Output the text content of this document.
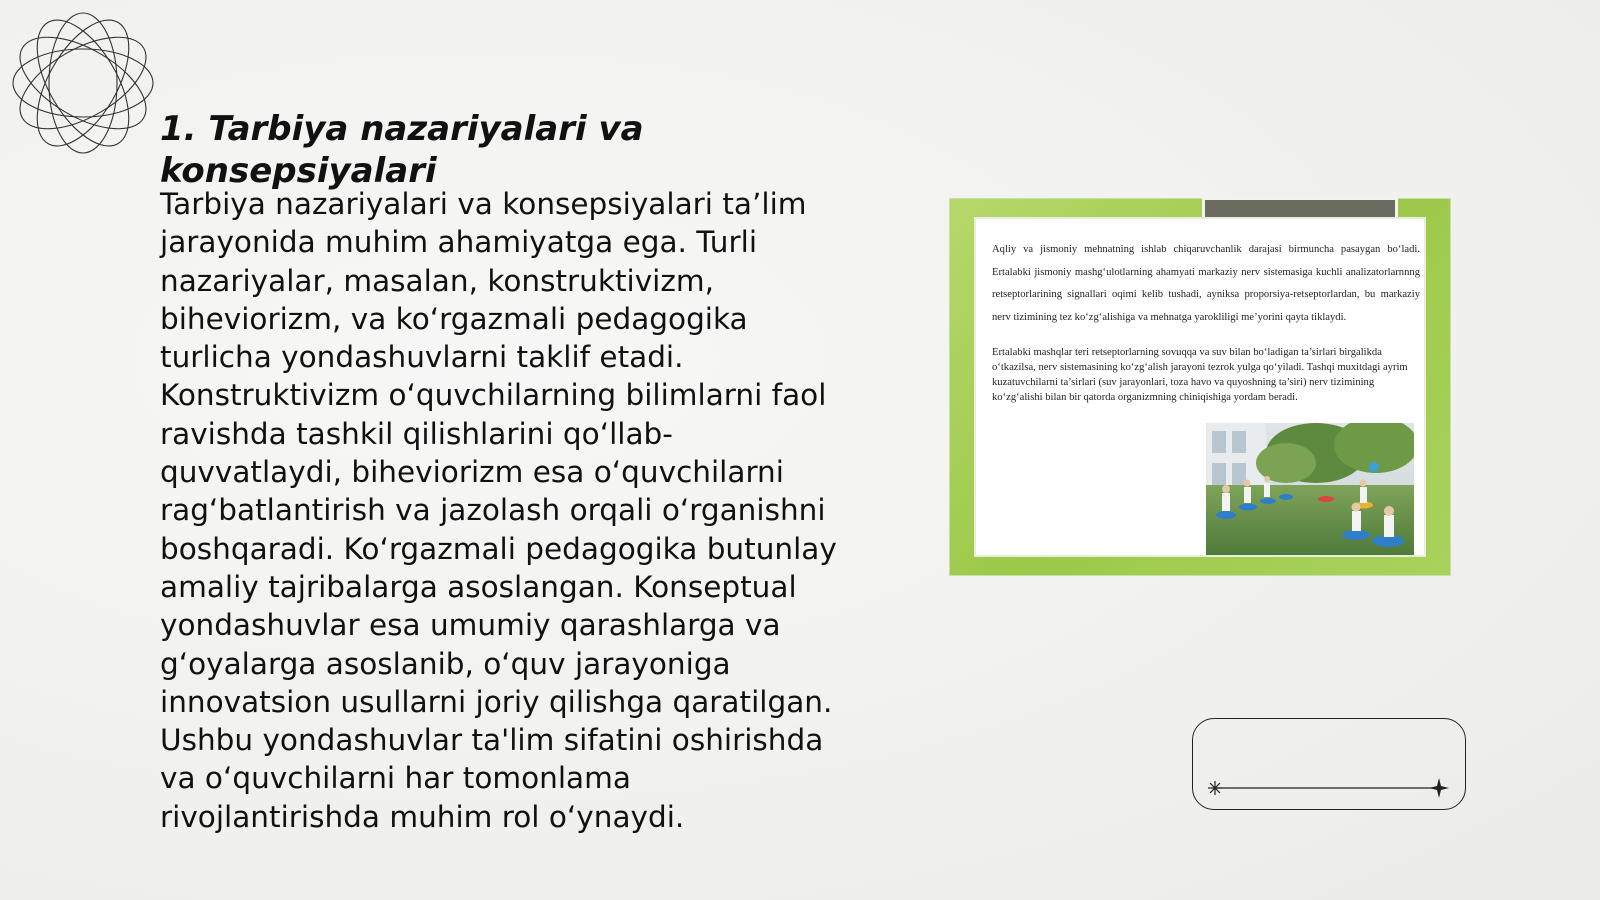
1. Tarbiya nazariyalari va konsepsiyalari

Tarbiya nazariyalari va konsepsiyalari ta’lim jarayonida muhim ahamiyatga ega. Turli nazariyalar, masalan, konstruktivizm, biheviorizm, va ko‘rgazmali pedagogika turlicha yondashuvlarni taklif etadi. Konstruktivizm o‘quvchilarning bilimlarni faol ravishda tashkil qilishlarini qo‘llab-quvvatlaydi, biheviorizm esa o‘quvchilarni rag‘batlantirish va jazolash orqali o‘rganishni boshqaradi. Ko‘rgazmali pedagogika butunlay amaliy tajribalarga asoslangan. Konseptual yondashuvlar esa umumiy qarashlarga va g‘oyalarga asoslanib, o‘quv jarayoniga innovatsion usullarni joriy qilishga qaratilgan. Ushbu yondashuvlar ta'lim sifatini oshirishda va o‘quvchilarni har tomonlama rivojlantirishda muhim rol o‘ynaydi.

Aqliy va jismoniy mehnatning ishlab chiqaruvchanlik darajasi birmuncha pasaygan bo‘ladi. Ertalabki jismoniy mashg‘ulotlarning ahamyati markaziy nerv sistemasiga kuchli analizatorlarnnng retseptorlarining signallari oqimi kelib tushadi, ayniksa proporsiya-retseptorlardan, bu markaziy nerv tizimining tez ko‘zg‘alishiga va mehnatga yarokliligi me’yorini qayta tiklaydi.

Ertalabki mashqlar teri retseptorlarning sovuqqa va suv bilan bo‘ladigan ta’sirlari birgalikda o‘tkazilsa, nerv sistemasining ko‘zg‘alish jarayoni tezrok yulga qo‘yiladi. Tashqi muxitdagi ayrim kuzatuvchilarni ta’sirlari (suv jarayonlari, toza havo va quyoshning ta’siri) nerv tizimining ko‘zg‘alishi bilan bir qatorda organizmning chiniqishiga yordam beradi.
